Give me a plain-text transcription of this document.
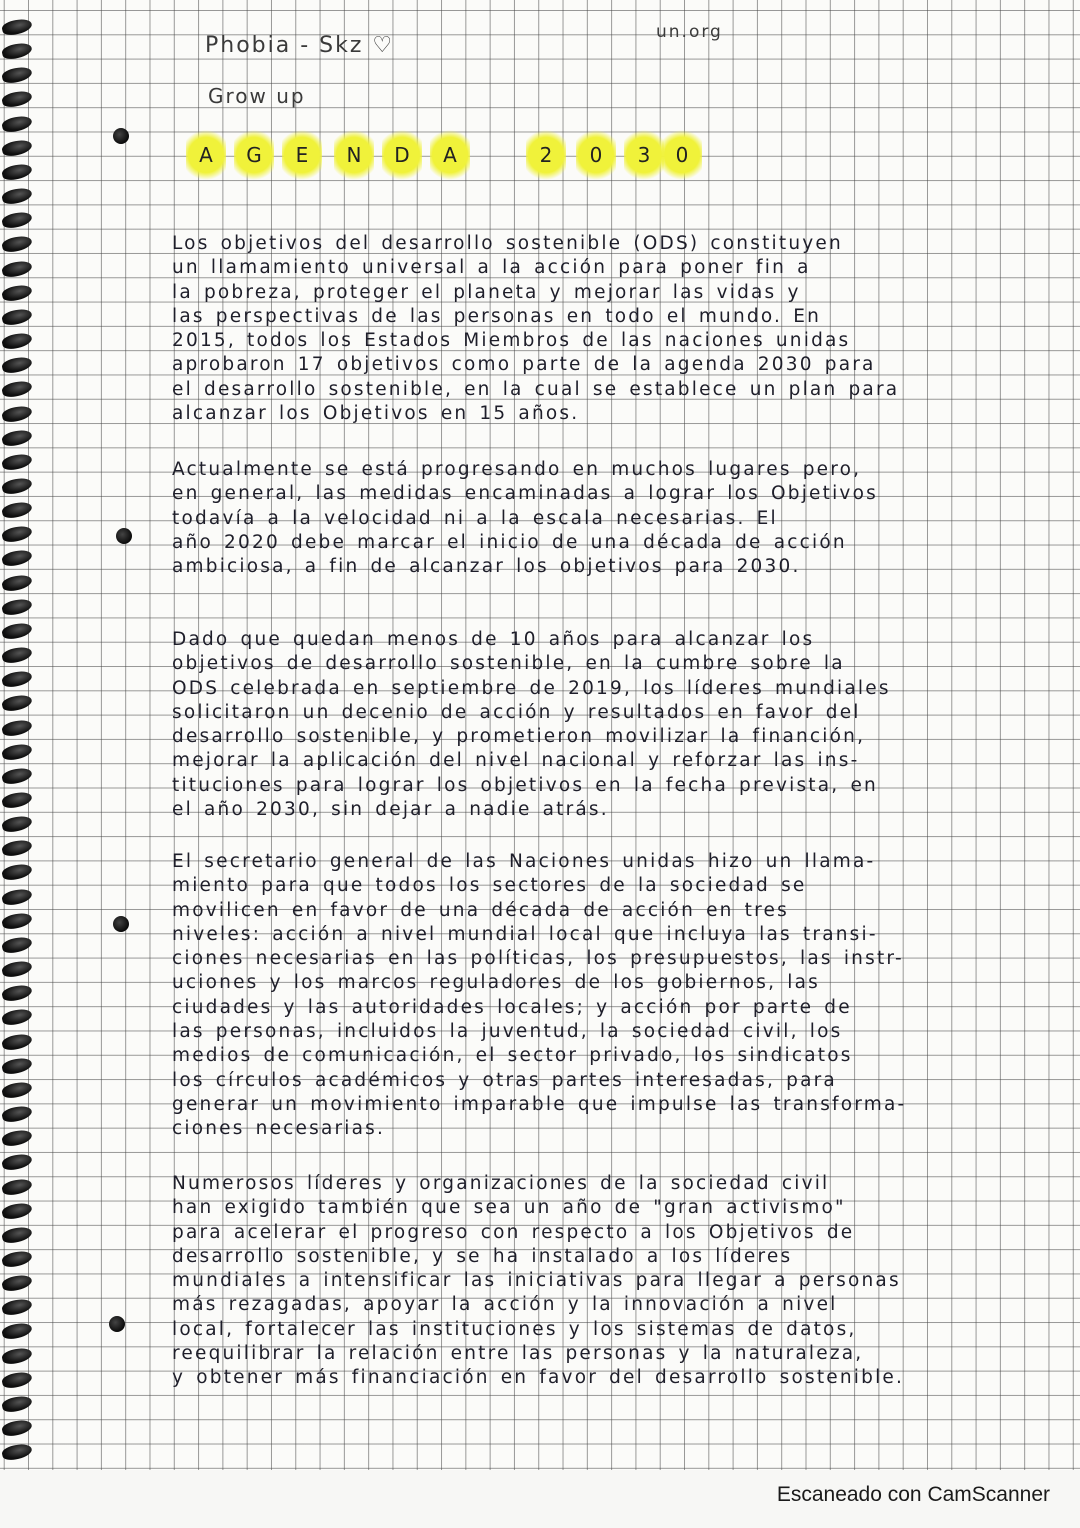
Phobia - Skz ♡
Grow up
un.org
A	G	E	N	D	A	2	0	3	0

Los objetivos del desarrollo sostenible (ODS) constituyen
un llamamiento universal a la acción para poner fin a
la pobreza, proteger el planeta y mejorar las vidas y
las perspectivas de las personas en todo el mundo. En
2015, todos los Estados Miembros de las naciones unidas
aprobaron 17 objetivos como parte de la agenda 2030 para
el desarrollo sostenible, en la cual se establece un plan para
alcanzar los Objetivos en 15 años.

Actualmente se está progresando en muchos lugares pero,
en general, las medidas encaminadas a lograr los Objetivos
todavía a la velocidad ni a la escala necesarias. El
año 2020 debe marcar el inicio de una década de acción
ambiciosa, a fin de alcanzar los objetivos para 2030.

Dado que quedan menos de 10 años para alcanzar los
objetivos de desarrollo sostenible, en la cumbre sobre la
ODS celebrada en septiembre de 2019, los líderes mundiales
solicitaron un decenio de acción y resultados en favor del
desarrollo sostenible, y prometieron movilizar la financión,
mejorar la aplicación del nivel nacional y reforzar las ins-
tituciones para lograr los objetivos en la fecha prevista, en
el año 2030, sin dejar a nadie atrás.

El secretario general de las Naciones unidas hizo un llama-
miento para que todos los sectores de la sociedad se
movilicen en favor de una década de acción en tres
niveles: acción a nivel mundial local que incluya las transi-
ciones necesarias en las políticas, los presupuestos, las instr-
uciones y los marcos reguladores de los gobiernos, las
ciudades y las autoridades locales; y acción por parte de
las personas, incluidos la juventud, la sociedad civil, los
medios de comunicación, el sector privado, los sindicatos
los círculos académicos y otras partes interesadas, para
generar un movimiento imparable que impulse las transforma-
ciones necesarias.

Numerosos líderes y organizaciones de la sociedad civil
han exigido también que sea un año de "gran activismo"
para acelerar el progreso con respecto a los Objetivos de
desarrollo sostenible, y se ha instalado a los líderes
mundiales a intensificar las iniciativas para llegar a personas
más rezagadas, apoyar la acción y la innovación a nivel
local, fortalecer las instituciones y los sistemas de datos,
reequilibrar la relación entre las personas y la naturaleza,
y obtener más financiación en favor del desarrollo sostenible.

Escaneado con CamScanner
